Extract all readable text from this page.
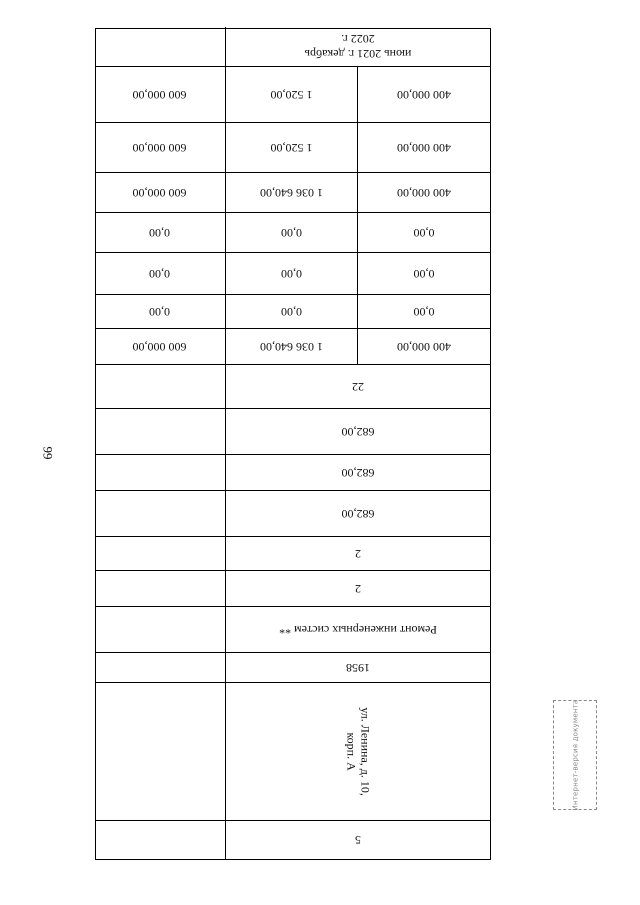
99
5
ул. Ленина, д. 10, корп. А
1958
Ремонт инженерных систем **
2
2
682,00
682,00
682,00
22
400 000,00
1 036 640,00
600 000,00
0,00
0,00
0,00
0,00
0,00
0,00
0,00
0,00
0,00
400 000,00
1 036 640,00
600 000,00
400 000,00
1 520,00
600 000,00
400 000,00
1 520,00
600 000,00
июнь 2021 г. декабрь 2022 г.
Интернет-версия документа
